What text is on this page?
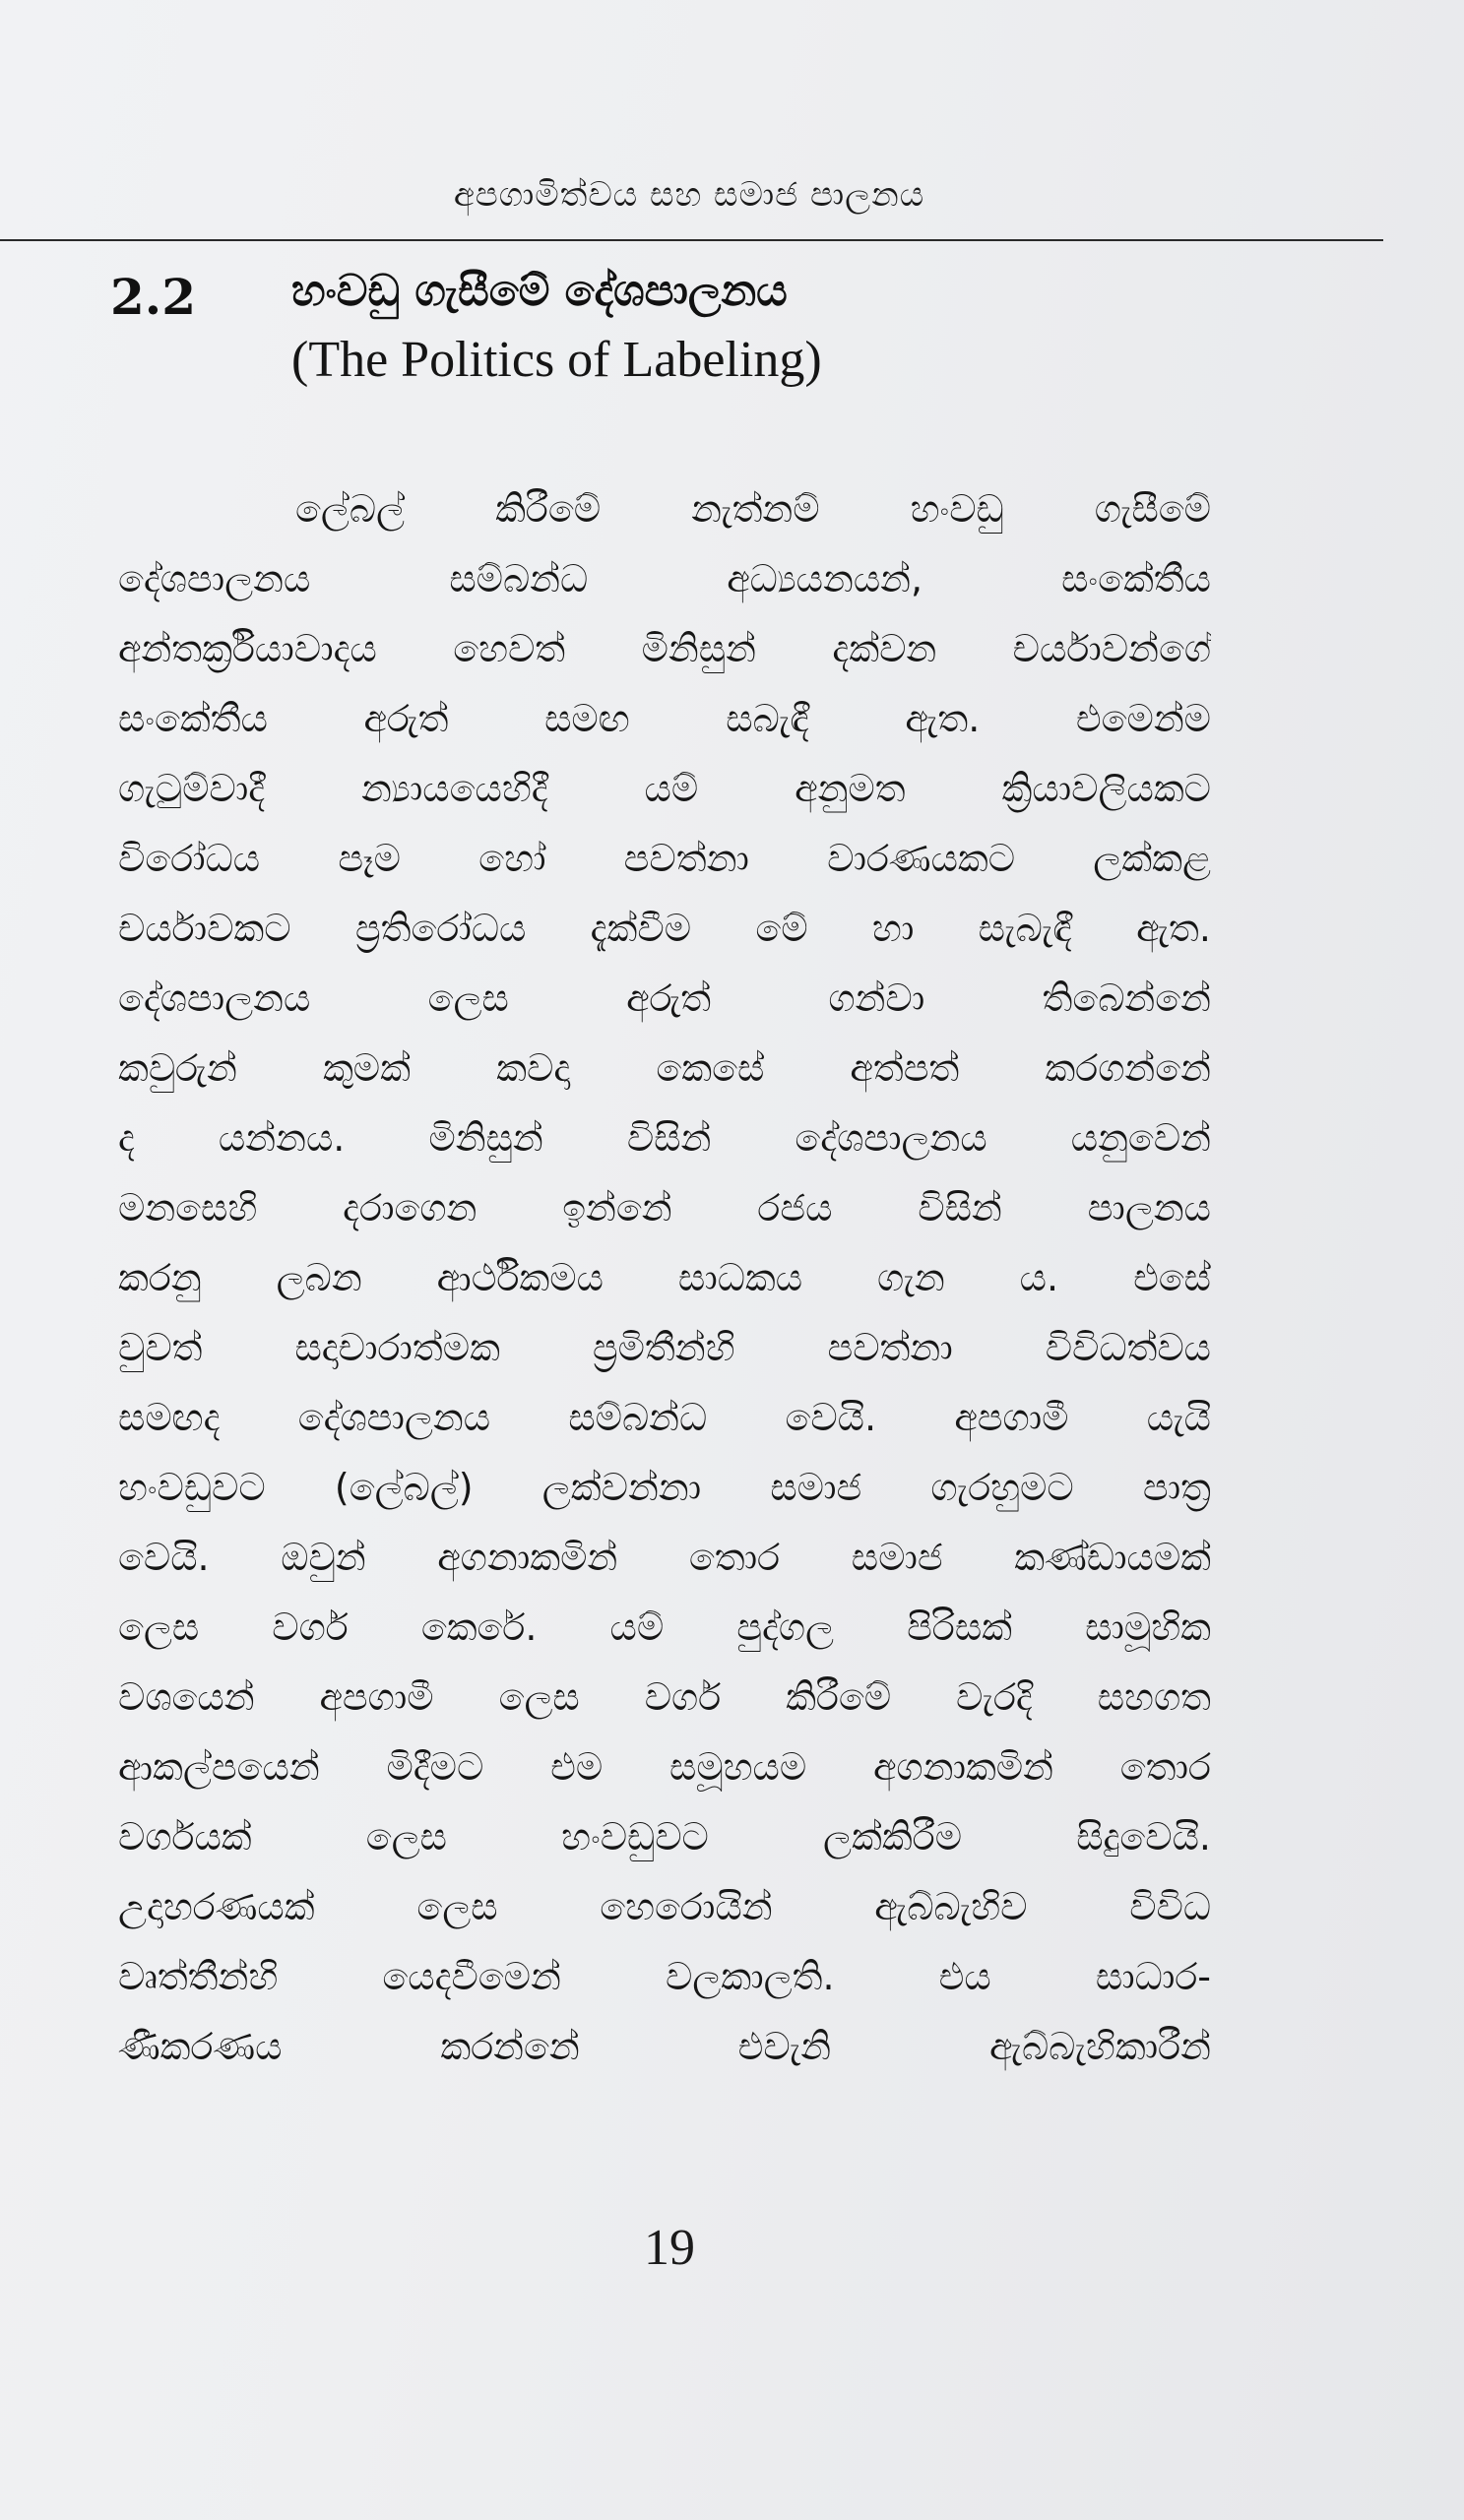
අපගාමිත්වය සහ සමාජ පාලනය
2.2 හංවඩු ගැසීමේ දේශපාලනය
(The Politics of Labeling)
ලේබල් කිරීමේ නැත්නම් හංවඩු ගැසීමේ
දේශපාලනය සම්බන්ධ අධ්‍යයනයන්, සංකේතීය
අන්තර්ක්‍රියාවාදය හෙවත් මිනිසුන් දක්වන චර්යාවන්ගේ
සංකේතීය අරුත් සමඟ සබැඳී ඇත. එමෙන්ම
ගැටුම්වාදී න්‍යායයෙහිදී යම් අනුමත ක්‍රියාවලියකට
විරෝධය පෑම හෝ පවත්නා වාරණයකට ලක්කළ
චර්යාවකට ප්‍රතිරෝධය දැක්වීම මේ හා සැබැඳී ඇත.
දේශපාලනය ලෙස අරුත් ගන්වා තිබෙන්නේ
කවුරුන් කුමක් කවදා කෙසේ අත්පත් කරගන්නේ
ද යන්නය. මිනිසුන් විසින් දේශපාලනය යනුවෙන්
මනසෙහි දරාගෙන ඉන්නේ රජය විසින් පාලනය
කරනු ලබන ආර්ථිකමය සාධකය ගැන ය. එසේ
වුවත් සදාචාරාත්මක ප්‍රමිතීන්හි පවත්නා විවිධත්වය
සමඟද දේශපාලනය සම්බන්ධ වෙයි. අපගාමී යැයි
හංවඩුවට (ලේබල්) ලක්වන්නා සමාජ ගැරහුමට පාත්‍ර
වෙයි. ඔවුන් අගනාකමින් තොර සමාජ කණ්ඩායමක්
ලෙස වර්ග කෙරේ. යම් පුද්ගල පිරිසක් සාමූහික
වශයෙන් අපගාමී ලෙස වර්ග කිරීමේ වැරදි සහගත
ආකල්පයෙන් මිදීමට එම සමූහයම අගනාකමින් තොර
වර්ගයක් ලෙස හංවඩුවට ලක්කිරීම සිදුවෙයි.
උදාහරණයක් ලෙස හෙරොයින් ඇබ්බැහිව විවිධ
වෘත්තීන්හි යෙදවීමෙන් වලකාලති. එය සාධාර-
ණීකරණය කරන්නේ එවැනි ඇබ්බැහිකාරීන්
19
